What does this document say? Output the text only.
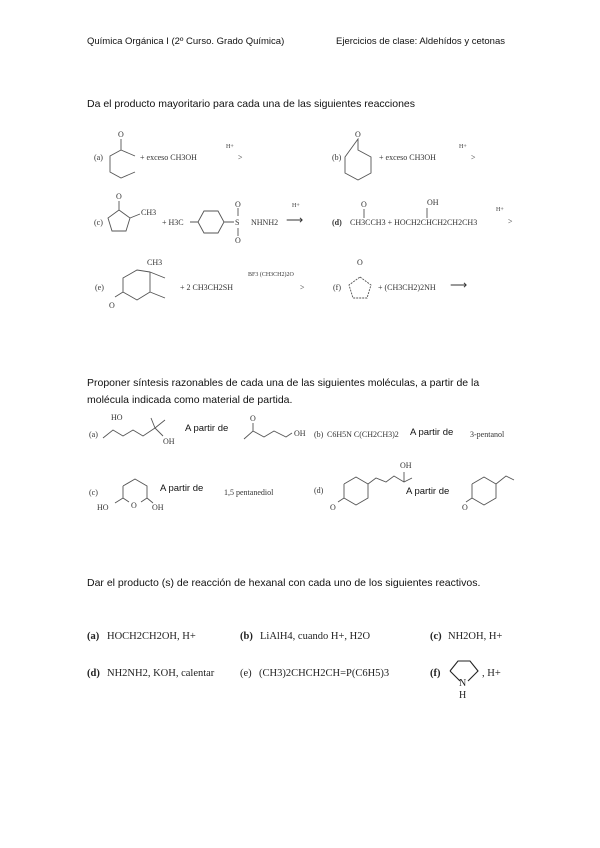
Química Orgánica I (2º Curso. Grado Química)	Ejercicios de clase: Aldehídos y cetonas
Da el producto mayoritario para cada una de las siguientes reacciones
(a)
O
+ exceso CH3OH
H+
>	(b)
O
+ exceso CH3OH
H+
>
(c)
O
CH3
+ H3C
O
S
O
NHNH2
H+
⟶	(d)
O	OH
CH3CCH3 + HOCH2CHCH2CH2CH3
H+
>
(e)
O
CH3
+ 2 CH3CH2SH
BF3 (CH3CH2)2O
>	(f)
O
+ (CH3CH2)2NH ⟶
Proponer síntesis razonables de cada una de las siguientes moléculas, a partir de la
molécula indicada como material de partida.
(a)
HO
OH
A partir de
O
OH (b) C6H5N C(CH2CH3)2 A partir de 3-pentanol
(c)
O
HO	OH
A partir de	1,5 pentanediol	(d)
OH
O
A partir de
O
Dar el producto (s) de reacción de hexanal con cada uno de los siguientes reactivos.
(a) HOCH2CH2OH, H+	(b) LiAlH4, cuando H+, H2O	(c) NH2OH, H+
(d) NH2NH2, KOH, calentar (e) (CH3)2CHCH2CH=P(C6H5)3	(f)
N
H
, H+
